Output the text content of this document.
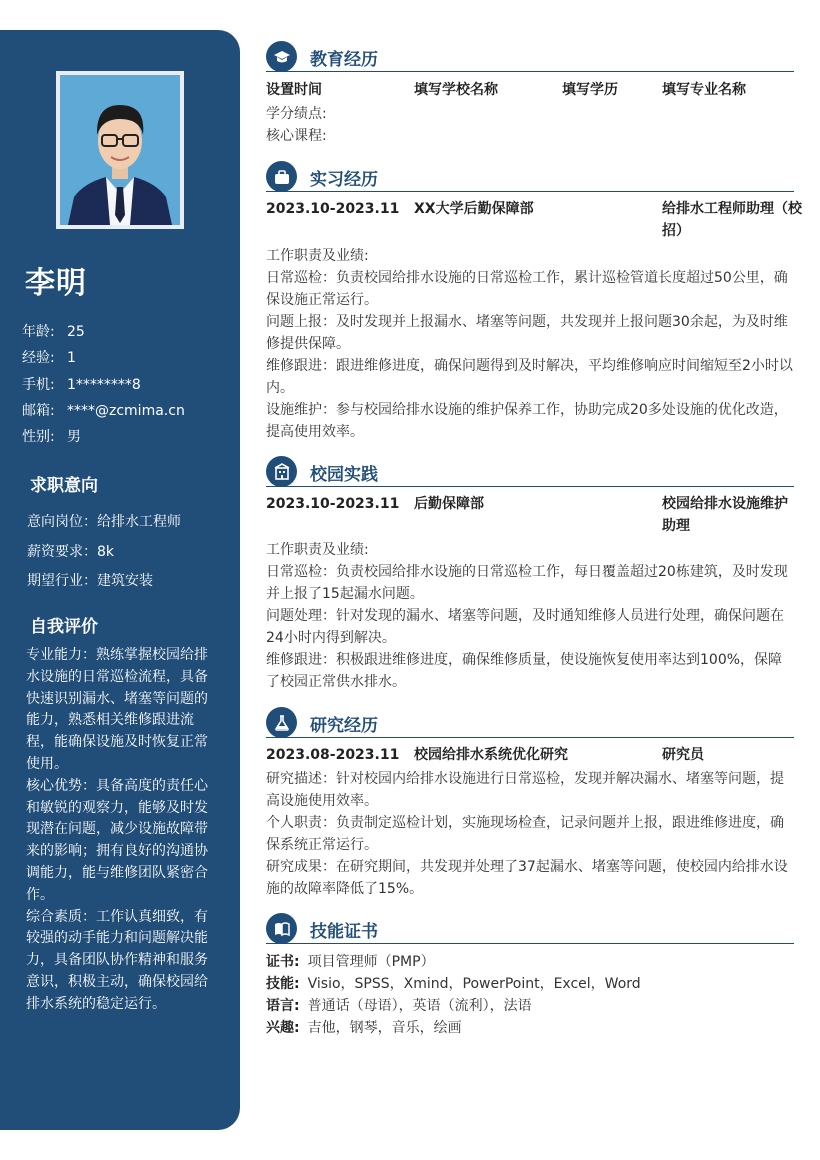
李明
年龄: 25
经验: 1
手机: 1********8
邮箱: ****@zcmima.cn
性别: 男
求职意向
意向岗位：给排水工程师
薪资要求：8k
期望行业：建筑安装
自我评价

专业能力：熟练掌握校园给排水设施的日常巡检流程，具备快速识别漏水、堵塞等问题的能力，熟悉相关维修跟进流程，能确保设施及时恢复正常使用。

核心优势：具备高度的责任心和敏锐的观察力，能够及时发现潜在问题，减少设施故障带来的影响；拥有良好的沟通协调能力，能与维修团队紧密合作。

综合素质：工作认真细致，有较强的动手能力和问题解决能力，具备团队协作精神和服务意识，积极主动，确保校园给排水系统的稳定运行。

教育经历
设置时间	填写学校名称	填写学历	填写专业名称

学分绩点:

核心课程:

实习经历
2023.10-2023.11 XX大学后勤保障部	给排水工程师助理（校招）

工作职责及业绩:

日常巡检：负责校园给排水设施的日常巡检工作，累计巡检管道长度超过50公里，确保设施正常运行。

问题上报：及时发现并上报漏水、堵塞等问题，共发现并上报问题30余起，为及时维修提供保障。

维修跟进：跟进维修进度，确保问题得到及时解决，平均维修响应时间缩短至2小时以内。

设施维护：参与校园给排水设施的维护保养工作，协助完成20多处设施的优化改造，提高使用效率。

校园实践
2023.10-2023.11 后勤保障部	校园给排水设施维护助理

工作职责及业绩:

日常巡检：负责校园给排水设施的日常巡检工作，每日覆盖超过20栋建筑，及时发现并上报了15起漏水问题。

问题处理：针对发现的漏水、堵塞等问题，及时通知维修人员进行处理，确保问题在24小时内得到解决。

维修跟进：积极跟进维修进度，确保维修质量，使设施恢复使用率达到100%，保障了校园正常供水排水。

研究经历
2023.08-2023.11 校园给排水系统优化研究	研究员

研究描述：针对校园内给排水设施进行日常巡检，发现并解决漏水、堵塞等问题，提高设施使用效率。

个人职责：负责制定巡检计划，实施现场检查，记录问题并上报，跟进维修进度，确保系统正常运行。

研究成果：在研究期间，共发现并处理了37起漏水、堵塞等问题，使校园内给排水设施的故障率降低了15%。

技能证书
证书: 项目管理师（PMP）
技能: Visio，SPSS，Xmind，PowerPoint，Excel，Word
语言: 普通话（母语），英语（流利），法语
兴趣: 吉他，钢琴，音乐，绘画
